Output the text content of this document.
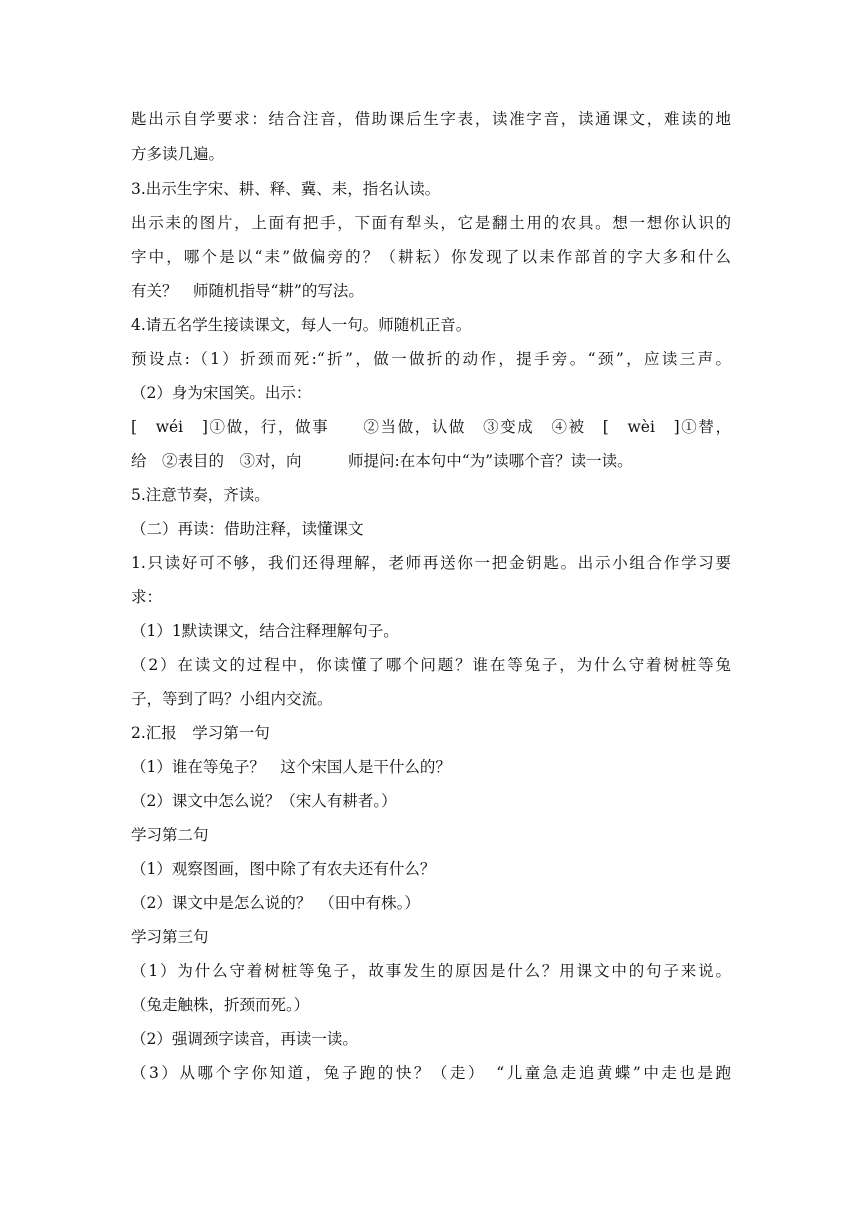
匙出示自学要求：结合注音，借助课后生字表，读准字音，读通课文，难读的地
方多读几遍。
3.出示生字宋、耕、释、冀、耒，指名认读。
出示耒的图片，上面有把手，下面有犁头，它是翻土用的农具。想一想你认识的
字中，哪个是以“耒”做偏旁的？（耕耘）你发现了以耒作部首的字大多和什么
有关？　师随机指导“耕”的写法。
4.请五名学生接读课文，每人一句。师随机正音。
预设点:（1）折颈而死:“折”，做一做折的动作，提手旁。“颈”，应读三声。
（2）身为宋国笑。出示：
[　wéi　]①做，行，做事　　②当做，认做　③变成　④被　[　wèi　]①替，
给　②表目的　③对，向　　　师提问:在本句中“为”读哪个音？读一读。
5.注意节奏，齐读。
（二）再读：借助注释，读懂课文
1.只读好可不够，我们还得理解，老师再送你一把金钥匙。出示小组合作学习要
求：
（1）1默读课文，结合注释理解句子。
（2）在读文的过程中，你读懂了哪个问题？谁在等兔子，为什么守着树桩等兔
子，等到了吗？小组内交流。
2.汇报　学习第一句
（1）谁在等兔子？　这个宋国人是干什么的？
（2）课文中怎么说？（宋人有耕者。）
学习第二句
（1）观察图画，图中除了有农夫还有什么？
（2）课文中是怎么说的？　（田中有株。）
学习第三句
（1）为什么守着树桩等兔子，故事发生的原因是什么？用课文中的句子来说。
（兔走触株，折颈而死。）
（2）强调颈字读音，再读一读。
（3）从哪个字你知道，兔子跑的快？（走）　“儿童急走追黄蝶”中走也是跑
